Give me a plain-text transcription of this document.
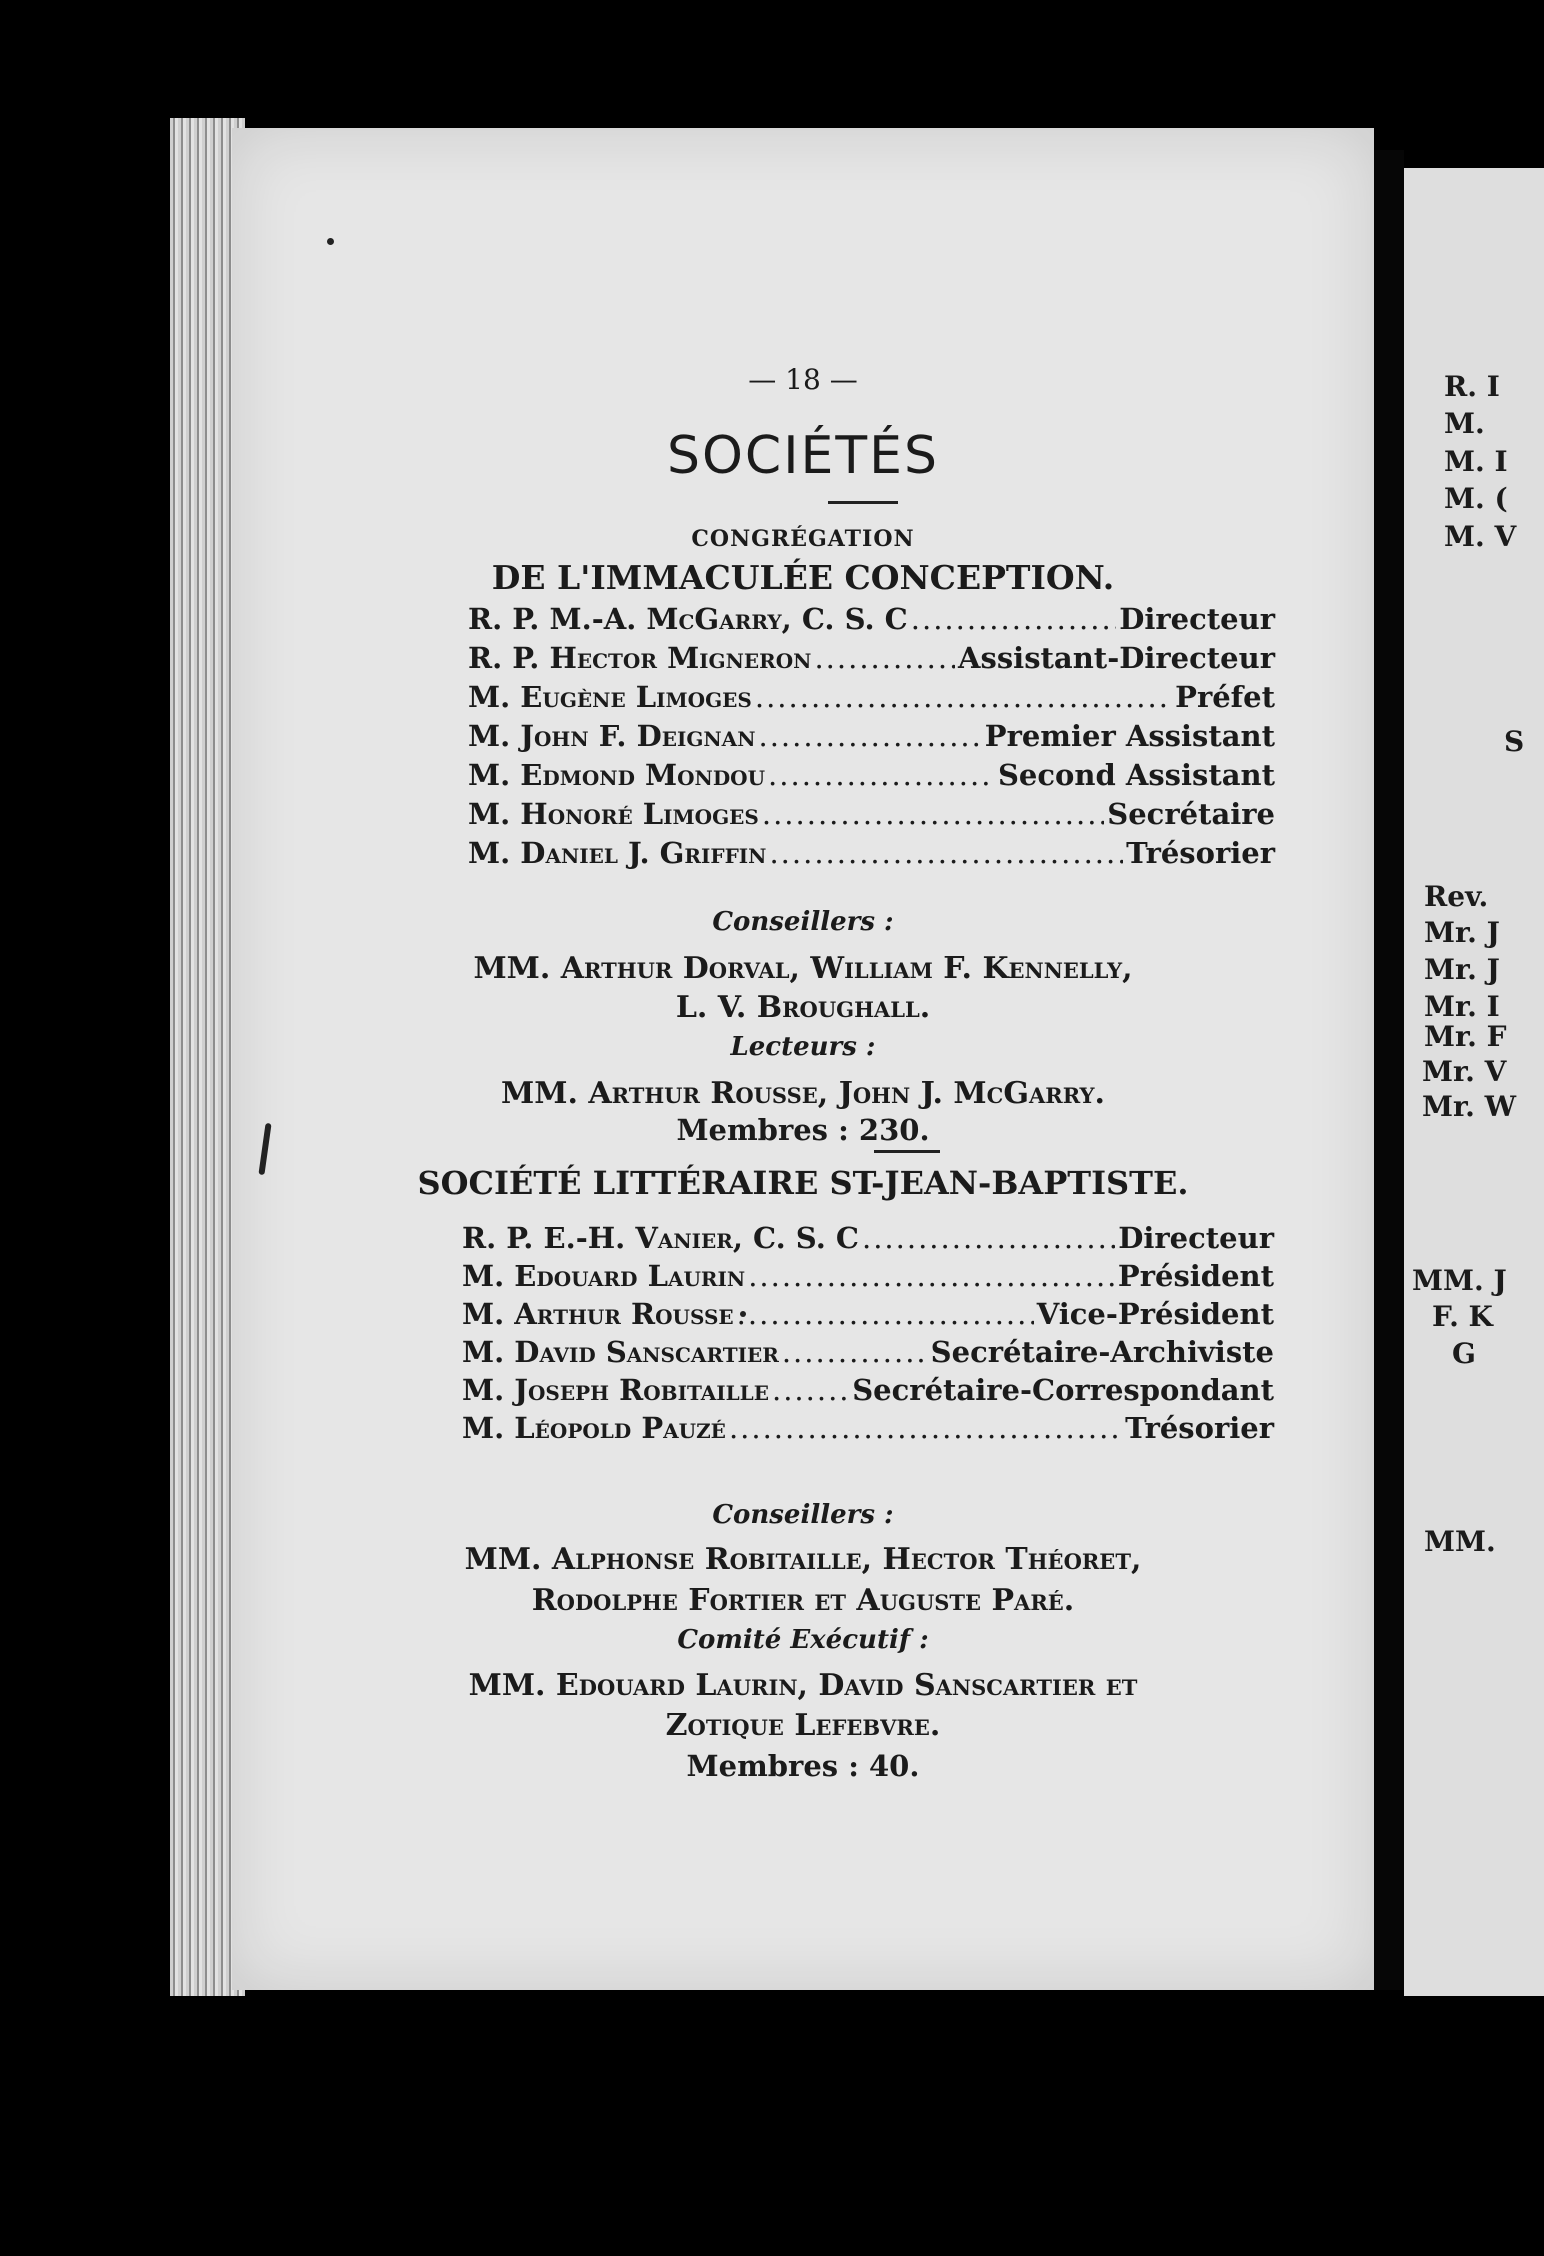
— 18 —
SOCIÉTÉS
CONGRÉGATION
DE L'IMMACULÉE CONCEPTION.
R. P. M.-A. McGarry, C. S. C .....	Directeur
R. P. Hector Migneron .....	Assistant-Directeur
M. Eugène Limoges .....	Préfet
M. John F. Deignan .....	Premier Assistant
M. Edmond Mondou .....	Second Assistant
M. Honoré Limoges .....	Secrétaire
M. Daniel J. Griffin .....	Trésorier
Conseillers :
MM. Arthur Dorval, William F. Kennelly,
L. V. Broughall.
Lecteurs :
MM. Arthur Rousse, John J. McGarry.
Membres : 230.
SOCIÉTÉ LITTÉRAIRE ST-JEAN-BAPTISTE.
R. P. E.-H. Vanier, C. S. C .....	Directeur
M. Edouard Laurin .....	Président
M. Arthur Rousse .....	Vice-Président
M. David Sanscartier .....	Secrétaire-Archiviste
M. Joseph Robitaille .....	Secrétaire-Correspondant
M. Léopold Pauzé .....	Trésorier
Conseillers :
MM. Alphonse Robitaille, Hector Théoret,
Rodolphe Fortier et Auguste Paré.
Comité Exécutif :
MM. Edouard Laurin, David Sanscartier et
Zotique Lefebvre.
Membres : 40.
R. I
M.
M. I
M. (
M. V
S
Rev.
Mr. J
Mr. J
Mr. I
Mr. F
Mr. V
Mr. W
MM. J
F. K
G
MM.
